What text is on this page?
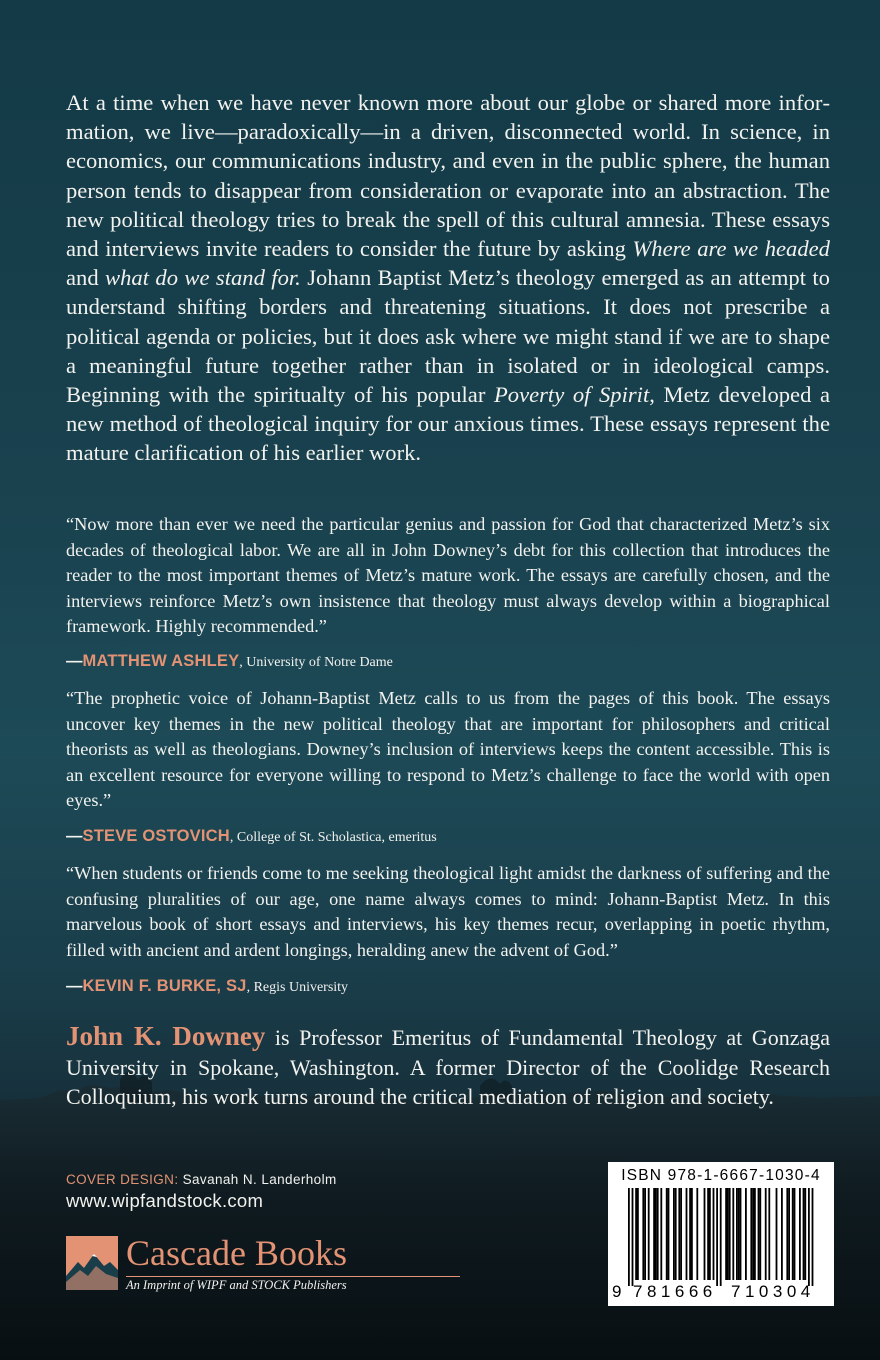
At a time when we have never known more about our globe or shared more information, we live—paradoxically—in a driven, disconnected world. In science, in economics, our communications industry, and even in the public sphere, the human person tends to disappear from consideration or evaporate into an abstraction. The new political theology tries to break the spell of this cultural amnesia. These essays and interviews invite readers to consider the future by asking Where are we headed and what do we stand for. Johann Baptist Metz’s theology emerged as an attempt to understand shifting borders and threatening situations. It does not prescribe a political agenda or policies, but it does ask where we might stand if we are to shape a meaningful future together rather than in isolated or in ideological camps. Beginning with the spiritualty of his popular Poverty of Spirit, Metz developed a new method of theological inquiry for our anxious times. These essays represent the mature clarification of his earlier work.

“Now more than ever we need the particular genius and passion for God that characterized Metz’s six decades of theological labor. We are all in John Downey’s debt for this collection that introduces the reader to the most important themes of Metz’s mature work. The essays are carefully chosen, and the interviews reinforce Metz’s own insistence that theology must always develop within a biographical framework. Highly recommended.”

—MATTHEW ASHLEY, University of Notre Dame

“The prophetic voice of Johann-Baptist Metz calls to us from the pages of this book. The essays uncover key themes in the new political theology that are important for philosophers and critical theorists as well as theologians. Downey’s inclusion of interviews keeps the content accessible. This is an excellent resource for everyone willing to respond to Metz’s challenge to face the world with open eyes.”

—STEVE OSTOVICH, College of St. Scholastica, emeritus

“When students or friends come to me seeking theological light amidst the darkness of suffering and the confusing pluralities of our age, one name always comes to mind: Johann-Baptist Metz. In this marvelous book of short essays and interviews, his key themes recur, overlapping in poetic rhythm, filled with ancient and ardent longings, heralding anew the advent of God.”

—KEVIN F. BURKE, SJ, Regis University

John K. Downey is Professor Emeritus of Fundamental Theology at Gonzaga University in Spokane, Washington. A former Director of the Coolidge Research Colloquium, his work turns around the critical mediation of religion and society.

COVER DESIGN: Savanah N. Landerholm
www.wipfandstock.com
Cascade Books
An Imprint of WIPF and STOCK Publishers
ISBN 978-1-6667-1030-4
9 781666 710304
